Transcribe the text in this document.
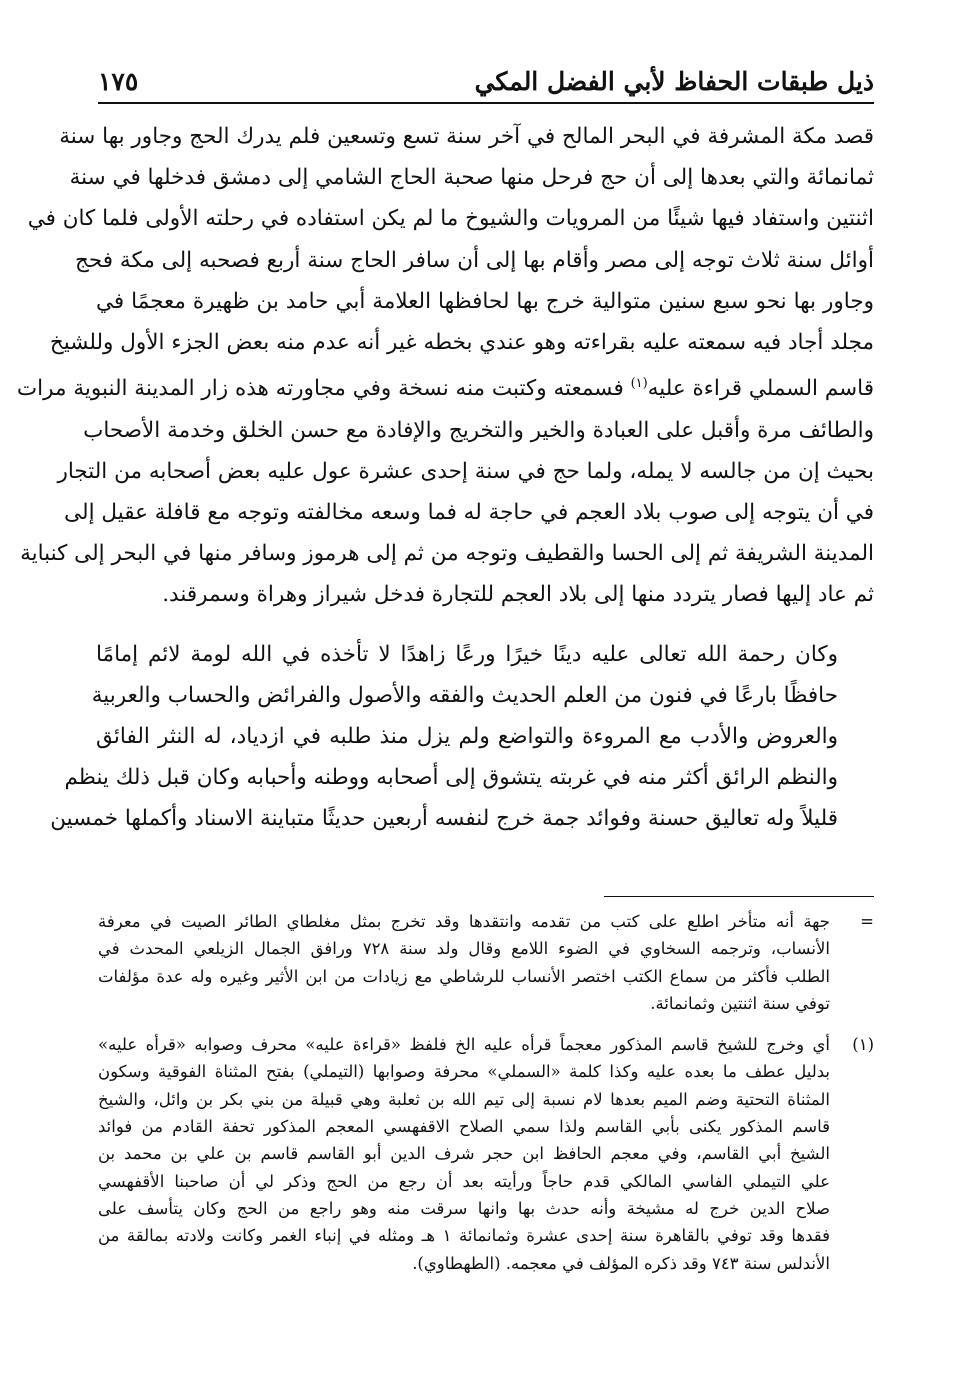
ذيل طبقات الحفاظ لأبي الفضل المكي
١٧٥

قصد مكة المشرفة في البحر المالح في آخر سنة تسع وتسعين فلم يدرك الحج وجاور بها سنة
ثمانمائة والتي بعدها إلى أن حج فرحل منها صحبة الحاج الشامي إلى دمشق فدخلها في سنة
اثنتين واستفاد فيها شيئًا من المرويات والشيوخ ما لم يكن استفاده في رحلته الأولى فلما كان في
أوائل سنة ثلاث توجه إلى مصر وأقام بها إلى أن سافر الحاج سنة أربع فصحبه إلى مكة فحج
وجاور بها نحو سبع سنين متوالية خرج بها لحافظها العلامة أبي حامد بن ظهيرة معجمًا في
مجلد أجاد فيه سمعته عليه بقراءته وهو عندي بخطه غير أنه عدم منه بعض الجزء الأول وللشيخ
قاسم السملي قراءة عليه$^{(١)}$ فسمعته وكتبت منه نسخة وفي مجاورته هذه زار المدينة النبوية مرات
والطائف مرة وأقبل على العبادة والخير والتخريج والإفادة مع حسن الخلق وخدمة الأصحاب
بحيث إن من جالسه لا يمله، ولما حج في سنة إحدى عشرة عول عليه بعض أصحابه من التجار
في أن يتوجه إلى صوب بلاد العجم في حاجة له فما وسعه مخالفته وتوجه مع قافلة عقيل إلى
المدينة الشريفة ثم إلى الحسا والقطيف وتوجه من ثم إلى هرموز وسافر منها في البحر إلى كنباية
ثم عاد إليها فصار يتردد منها إلى بلاد العجم للتجارة فدخل شيراز وهراة وسمرقند.

وكان رحمة الله تعالى عليه دينًا خيرًا ورعًا زاهدًا لا تأخذه في الله لومة لائم إمامًا
حافظًا بارعًا في فنون من العلم الحديث والفقه والأصول والفرائض والحساب والعربية
والعروض والأدب مع المروءة والتواضع ولم يزل منذ طلبه في ازدياد، له النثر الفائق
والنظم الرائق أكثر منه في غربته يتشوق إلى أصحابه ووطنه وأحبابه وكان قبل ذلك ينظم
قليلاً وله تعاليق حسنة وفوائد جمة خرج لنفسه أربعين حديثًا متباينة الاسناد وأكملها خمسين

=
جهة أنه متأخر اطلع على كتب من تقدمه وانتقدها وقد تخرج بمثل مغلطاي الطائر الصيت في معرفة
الأنساب، وترجمه السخاوي في الضوء اللامع وقال ولد سنة ٧٢٨ ورافق الجمال الزيلعي المحدث في
الطلب فأكثر من سماع الكتب اختصر الأنساب للرشاطي مع زيادات من ابن الأثير وغيره وله عدة مؤلفات
توفي سنة اثنتين وثمانمائة.
(١)
أي وخرج للشيخ قاسم المذكور معجماً قرأه عليه الخ فلفظ «قراءة عليه» محرف وصوابه «قرأه عليه»
بدليل عطف ما بعده عليه وكذا كلمة «السملي» محرفة وصوابها (التيملي) بفتح المثناة الفوقية وسكون
المثناة التحتية وضم الميم بعدها لام نسبة إلى تيم الله بن ثعلبة وهي قبيلة من بني بكر بن وائل، والشيخ
قاسم المذكور يكنى بأبي القاسم ولذا سمي الصلاح الاقفهسي المعجم المذكور تحفة القادم من فوائد
الشيخ أبي القاسم، وفي معجم الحافظ ابن حجر شرف الدين أبو القاسم قاسم بن علي بن محمد بن
علي التيملي الفاسي المالكي قدم حاجاً ورأيته بعد أن رجع من الحج وذكر لي أن صاحبنا الأقفهسي
صلاح الدين خرج له مشيخة وأنه حدث بها وانها سرقت منه وهو راجع من الحج وكان يتأسف على
فقدها وقد توفي بالقاهرة سنة إحدى عشرة وثمانمائة ١ هـ ومثله في إنباء الغمر وكانت ولادته بمالقة من
الأندلس سنة ٧٤٣ وقد ذكره المؤلف في معجمه. (الطهطاوي).
